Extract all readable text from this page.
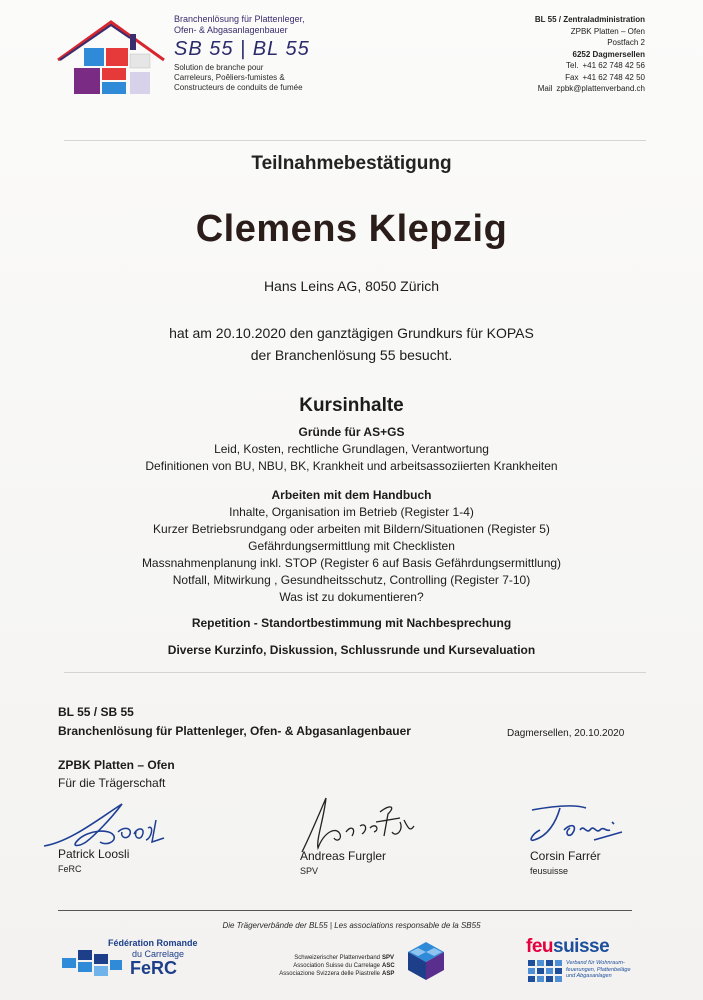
Branchenlösung für Plattenleger,
Ofen- & Abgasanlagenbauer
SB 55 | BL 55
Solution de branche pour
Carreleurs, Poêliers-fumistes &
Constructeurs de conduits de fumée
BL 55 / Zentraladministration
ZPBK Platten – Ofen
Postfach 2
6252 Dagmersellen
Tel. +41 62 748 42 56
Fax +41 62 748 42 50
Mail zpbk@plattenverband.ch
Teilnahmebestätigung
Clemens Klepzig
Hans Leins AG, 8050 Zürich
hat am 20.10.2020 den ganztägigen Grundkurs für KOPAS
der Branchenlösung 55 besucht.
Kursinhalte
Gründe für AS+GS
Leid, Kosten, rechtliche Grundlagen, Verantwortung
Definitionen von BU, NBU, BK, Krankheit und arbeitsassoziierten Krankheiten
Arbeiten mit dem Handbuch
Inhalte, Organisation im Betrieb (Register 1-4)
Kurzer Betriebsrundgang oder arbeiten mit Bildern/Situationen (Register 5)
Gefährdungsermittlung mit Checklisten
Massnahmenplanung inkl. STOP (Register 6 auf Basis Gefährdungsermittlung)
Notfall, Mitwirkung , Gesundheitsschutz, Controlling (Register 7-10)
Was ist zu dokumentieren?
Repetition - Standortbestimmung mit Nachbesprechung
Diverse Kurzinfo, Diskussion, Schlussrunde und Kursevaluation
BL 55 / SB 55
Branchenlösung für Plattenleger, Ofen- & Abgasanlagenbauer	Dagmersellen, 20.10.2020
ZPBK Platten – Ofen
Für die Trägerschaft
Patrick Loosli
FeRC
Andreas Furgler
SPV
Corsin Farrér
feusuisse
Die Trägerverbände der BL55 | Les associations responsable de la SB55
Fédération Romande
du Carrelage
FeRC	Schweizerischer Plattenverband SPV
Association Suisse du Carrelage ASC
Associazione Svizzera delle Piastrelle ASP
feusuisse
Verband für Wohnraum-
feuerungen, Plattenbeläge
und Abgasanlagen
